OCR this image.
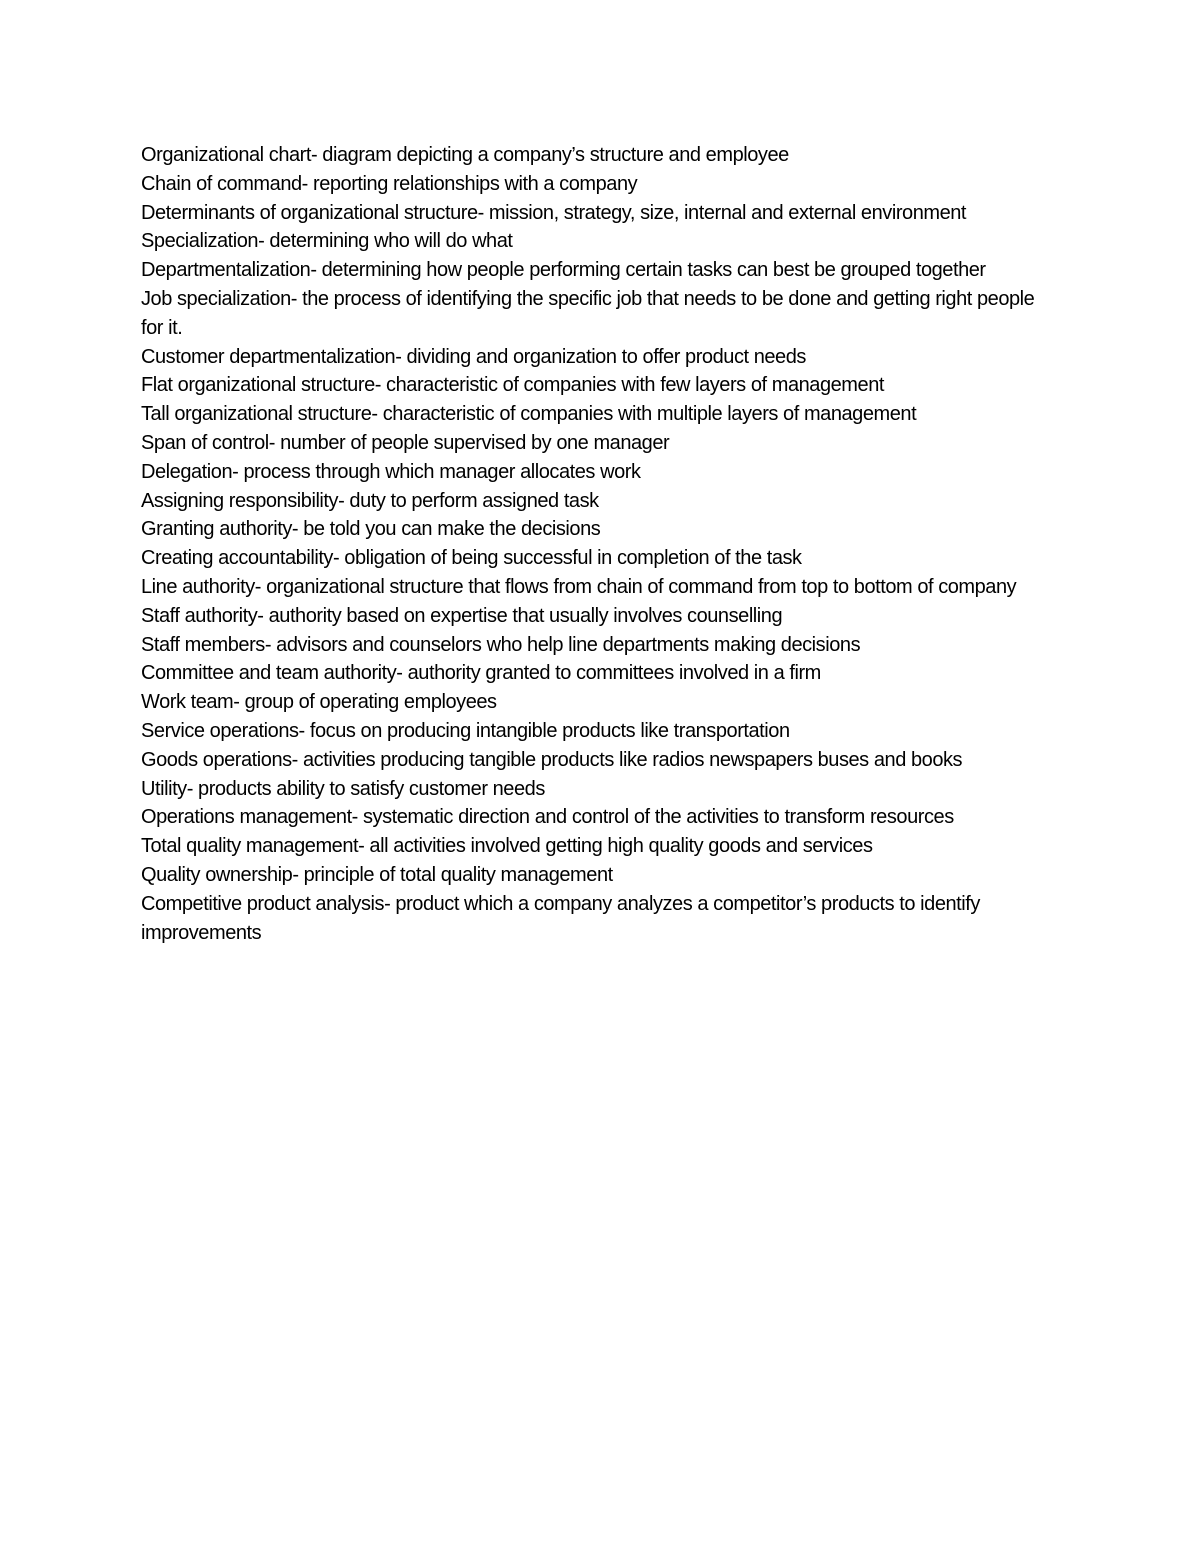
Organizational chart- diagram depicting a company’s structure and employee

Chain of command- reporting relationships with a company

Determinants of organizational structure- mission, strategy, size, internal and external environment

Specialization- determining who will do what

Departmentalization- determining how people performing certain tasks can best be grouped together

Job specialization- the process of identifying the specific job that needs to be done and getting right people for it.

Customer departmentalization- dividing and organization to offer product needs

Flat organizational structure- characteristic of companies with few layers of management

Tall organizational structure- characteristic of companies with multiple layers of management

Span of control- number of people supervised by one manager

Delegation- process through which manager allocates work

Assigning responsibility- duty to perform assigned task

Granting authority- be told you can make the decisions

Creating accountability- obligation of being successful in completion of the task

Line authority- organizational structure that flows from chain of command from top to bottom of company

Staff authority- authority based on expertise that usually involves counselling

Staff members- advisors and counselors who help line departments making decisions

Committee and team authority- authority granted to committees involved in a firm

Work team- group of operating employees

Service operations- focus on producing intangible products like transportation

Goods operations- activities producing tangible products like radios newspapers buses and books

Utility- products ability to satisfy customer needs

Operations management- systematic direction and control of the activities to transform resources

Total quality management- all activities involved getting high quality goods and services

Quality ownership- principle of total quality management

Competitive product analysis- product which a company analyzes a competitor’s products to identify improvements
